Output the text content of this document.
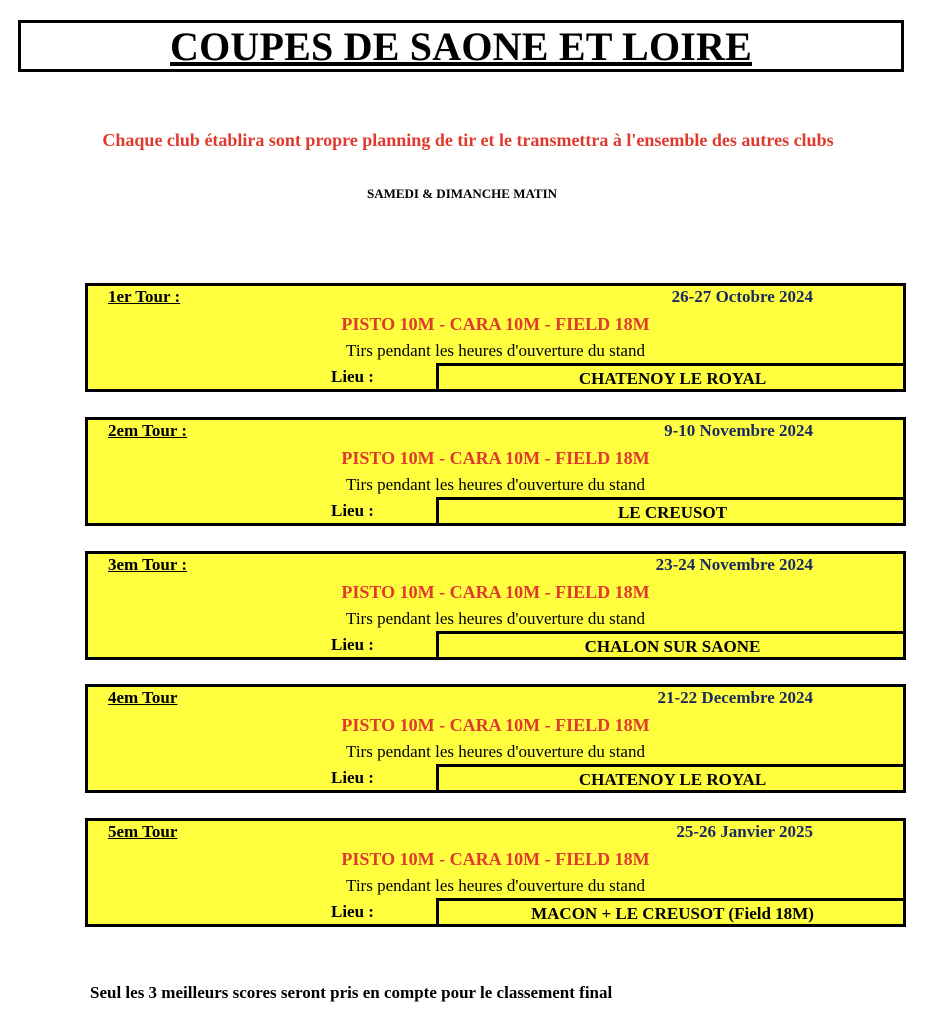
COUPES DE SAONE ET LOIRE
Chaque club établira sont propre planning de tir et le transmettra à l'ensemble des autres clubs
SAMEDI & DIMANCHE MATIN
1er Tour :	26-27 Octobre 2024
PISTO 10M - CARA 10M - FIELD 18M
Tirs pendant les heures d'ouverture du stand
Lieu :	CHATENOY LE ROYAL
2em Tour :	9-10 Novembre 2024
PISTO 10M - CARA 10M - FIELD 18M
Tirs pendant les heures d'ouverture du stand
Lieu :	LE CREUSOT
3em Tour :	23-24 Novembre 2024
PISTO 10M - CARA 10M - FIELD 18M
Tirs pendant les heures d'ouverture du stand
Lieu :	CHALON SUR SAONE
4em Tour	21-22 Decembre 2024
PISTO 10M - CARA 10M - FIELD 18M
Tirs pendant les heures d'ouverture du stand
Lieu :	CHATENOY LE ROYAL
5em Tour	25-26 Janvier 2025
PISTO 10M - CARA 10M - FIELD 18M
Tirs pendant les heures d'ouverture du stand
Lieu :	MACON + LE CREUSOT (Field 18M)
Seul les 3 meilleurs scores seront pris en compte pour le classement final
